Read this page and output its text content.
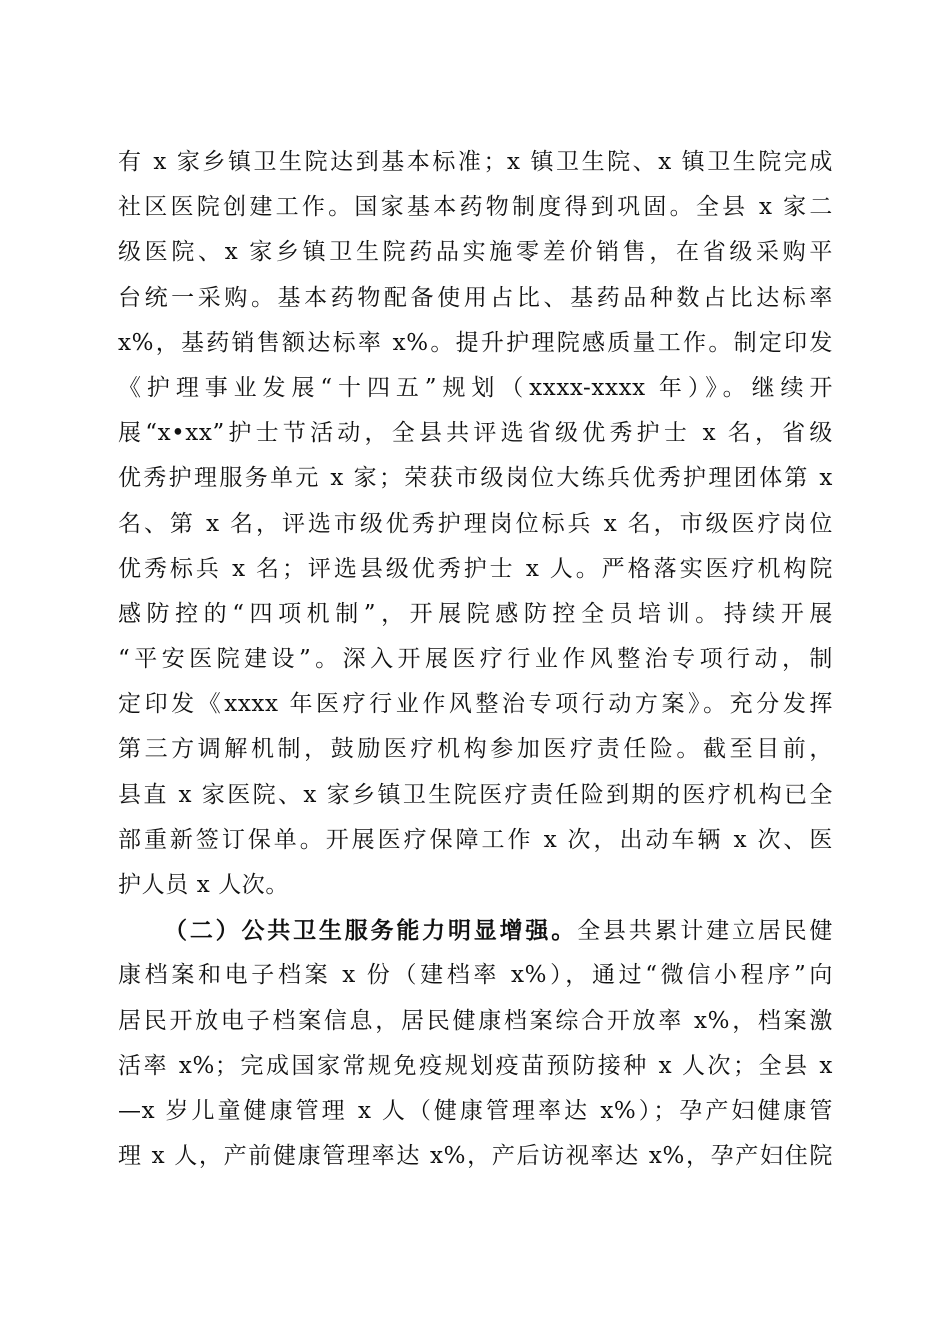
有 x 家乡镇卫生院达到基本标准；x 镇卫生院、x 镇卫生院完成
社区医院创建工作。国家基本药物制度得到巩固。全县 x 家二
级医院、x 家乡镇卫生院药品实施零差价销售，在省级采购平
台统一采购。基本药物配备使用占比、基药品种数占比达标率
x%，基药销售额达标率 x%。提升护理院感质量工作。制定印发
《护理事业发展“十四五”规划（xxxx-xxxx 年）》。继续开
展“x•xx”护士节活动，全县共评选省级优秀护士 x 名，省级
优秀护理服务单元 x 家；荣获市级岗位大练兵优秀护理团体第 x
名、第 x 名，评选市级优秀护理岗位标兵 x 名，市级医疗岗位
优秀标兵 x 名；评选县级优秀护士 x 人。严格落实医疗机构院
感防控的“四项机制”，开展院感防控全员培训。持续开展
“平安医院建设”。深入开展医疗行业作风整治专项行动，制
定印发《xxxx 年医疗行业作风整治专项行动方案》。充分发挥
第三方调解机制，鼓励医疗机构参加医疗责任险。截至目前，
县直 x 家医院、x 家乡镇卫生院医疗责任险到期的医疗机构已全
部重新签订保单。开展医疗保障工作 x 次，出动车辆 x 次、医
护人员 x 人次。
（二）公共卫生服务能力明显增强。全县共累计建立居民健
康档案和电子档案 x 份（建档率 x%），通过“微信小程序”向
居民开放电子档案信息，居民健康档案综合开放率 x%，档案激
活率 x%；完成国家常规免疫规划疫苗预防接种 x 人次；全县 x
—x 岁儿童健康管理 x 人（健康管理率达 x%）；孕产妇健康管
理 x 人，产前健康管理率达 x%，产后访视率达 x%，孕产妇住院
